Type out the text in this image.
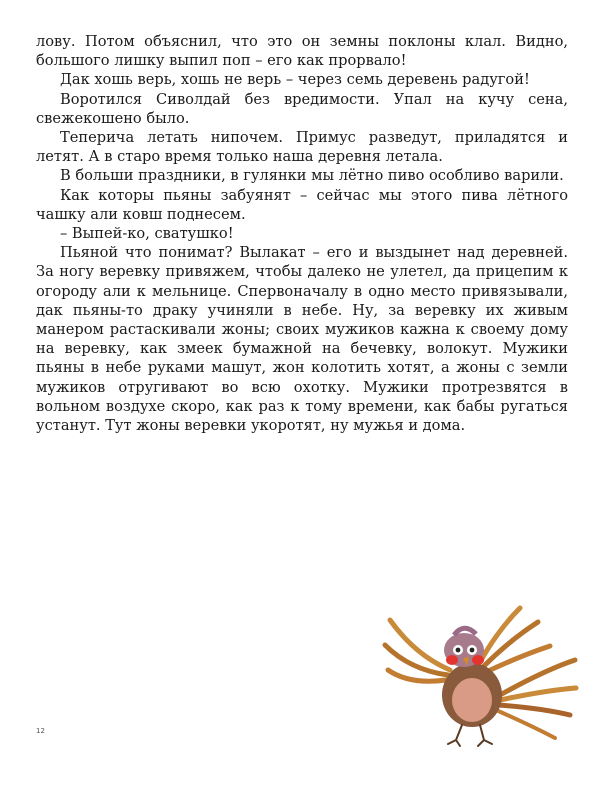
лову. Потом объяснил, что это он земны поклоны клал. Видно, большого лишку выпил поп – его как прорвало!

Дак хошь верь, хошь не верь – через семь деревень радугой!

Воротился Сиволдай без вредимости. Упал на кучу сена, свежекошено было.

Теперича летать нипочем. Примус разведут, приладятся и летят. А в старо время только наша деревня летала.

В больши праздники, в гулянки мы лётно пиво особливо варили.

Как которы пьяны забуянят – сейчас мы этого пива лётного чашку али ковш поднесем.

– Выпей-ко, сватушко!

Пьяной что понимат? Вылакат – его и выздынет над деревней. За ногу веревку привяжем, чтобы далеко не улетел, да прицепим к огороду али к мельнице. Спервоначалу в одно место привязывали, дак пьяны-то драку учиняли в небе. Ну, за веревку их живым манером растаскивали жоны; своих мужиков кажна к своему дому на веревку, как змеек бумажной на бечевку, волокут. Мужики пьяны в небе руками машут, жон колотить хотят, а жоны с земли мужиков отругивают во всю охотку. Мужики протрезвятся в вольном воздухе скоро, как раз к тому времени, как бабы ругаться устанут. Тут жоны веревки укоротят, ну мужья и дома.

12
